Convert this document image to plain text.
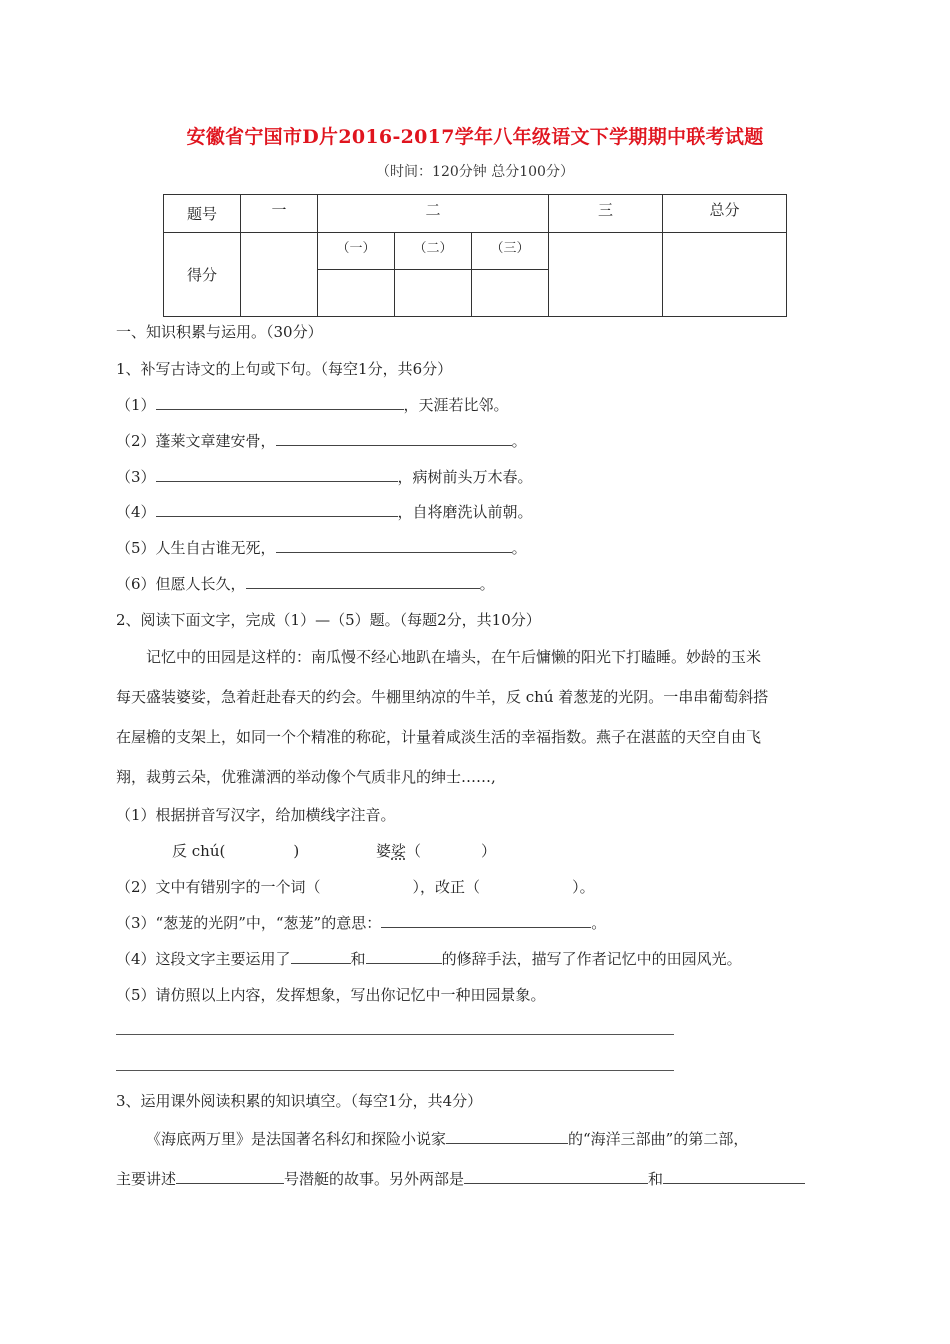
安徽省宁国市D片2016-2017学年八年级语文下学期期中联考试题
（时间：120分钟 总分100分）
题号	一	二			三	总分
得分		（一）	（二）	（三）		

一、知识积累与运用。（30分）
1、补写古诗文的上句或下句。（每空1分，共6分）
（1）	，天涯若比邻。
（2）蓬莱文章建安骨，	。
（3）	，病树前头万木春。
（4）	，自将磨洗认前朝。
（5）人生自古谁无死，	。
（6）但愿人长久，	。
2、阅读下面文字，完成（1）—（5）题。（每题2分，共10分）
记忆中的田园是这样的：南瓜慢不经心地趴在墙头，在午后慵懒的阳光下打瞌睡。妙龄的玉米
每天盛装婆娑，急着赶赴春天的约会。牛棚里纳凉的牛羊，反 chú 着葱茏的光阴。一串串葡萄斜搭
在屋檐的支架上，如同一个个精准的称砣，计量着咸淡生活的幸福指数。燕子在湛蓝的天空自由飞
翔，裁剪云朵，优雅潇洒的举动像个气质非凡的绅士……,
（1）根据拼音写汉字，给加横线字注音。
反 chú(	)	婆娑（	）
（2）文中有错别字的一个词（	），改正（	）。
（3）“葱茏的光阴”中，“葱茏”的意思：	。
（4）这段文字主要运用了	和	的修辞手法，描写了作者记忆中的田园风光。
（5）请仿照以上内容，发挥想象，写出你记忆中一种田园景象。
3、运用课外阅读积累的知识填空。（每空1分，共4分）
《海底两万里》是法国著名科幻和探险小说家	的“海洋三部曲”的第二部，
主要讲述	号潜艇的故事。另外两部是	和
